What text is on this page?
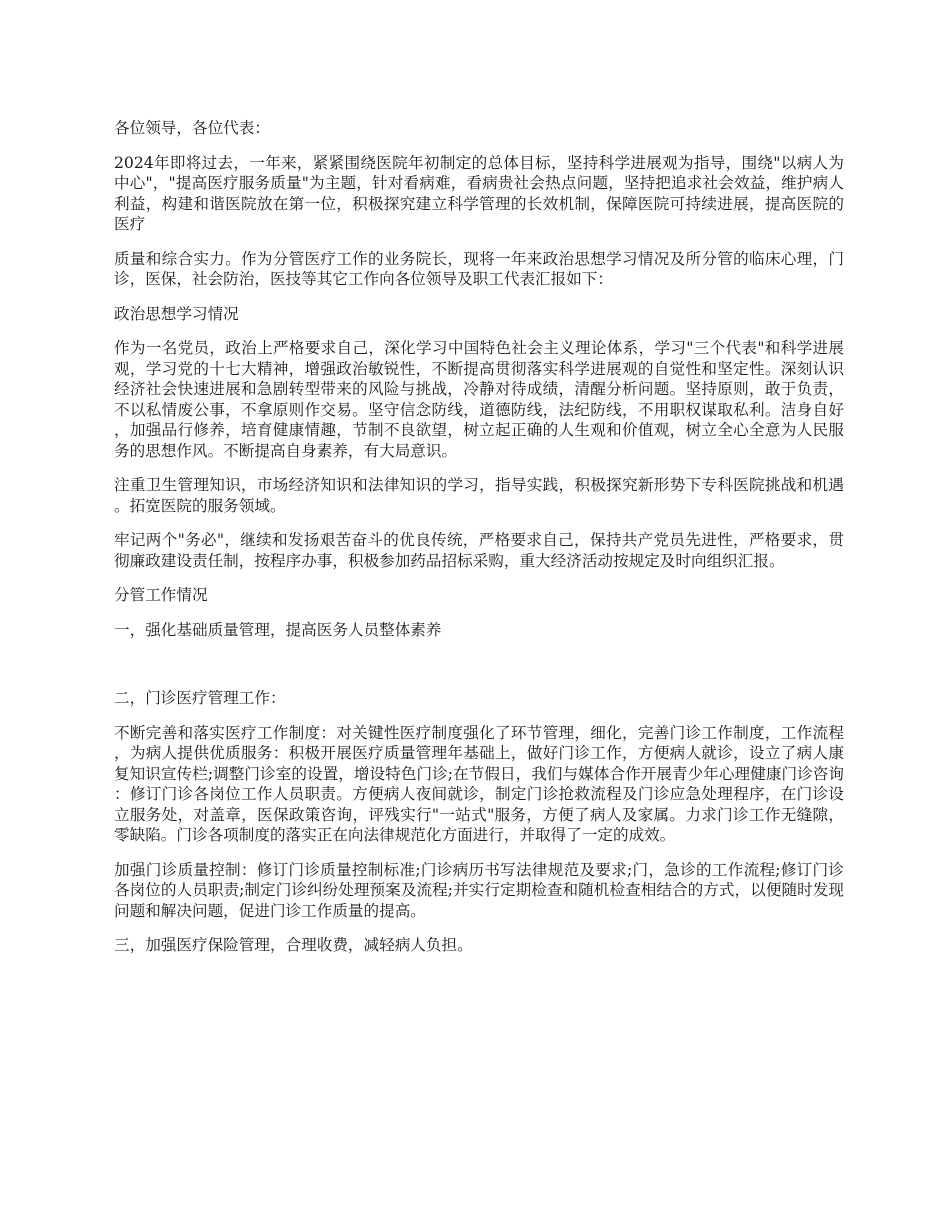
各位领导，各位代表：

2024年即将过去，一年来，紧紧围绕医院年初制定的总体目标，坚持科学进展观为指导，围绕"以病人为中心"，"提高医疗服务质量"为主题，针对看病难，看病贵社会热点问题，坚持把追求社会效益，维护病人利益，构建和谐医院放在第一位，积极探究建立科学管理的长效机制，保障医院可持续进展，提高医院的医疗

质量和综合实力。作为分管医疗工作的业务院长，现将一年来政治思想学习情况及所分管的临床心理，门诊，医保，社会防治，医技等其它工作向各位领导及职工代表汇报如下：

政治思想学习情况

作为一名党员，政治上严格要求自己，深化学习中国特色社会主义理论体系，学习"三个代表"和科学进展观，学习党的十七大精神，增强政治敏锐性，不断提高贯彻落实科学进展观的自觉性和坚定性。深刻认识经济社会快速进展和急剧转型带来的风险与挑战，冷静对待成绩，清醒分析问题。坚持原则，敢于负责，不以私情废公事，不拿原则作交易。坚守信念防线，道德防线，法纪防线，不用职权谋取私利。洁身自好，加强品行修养，培育健康情趣，节制不良欲望，树立起正确的人生观和价值观，树立全心全意为人民服务的思想作风。不断提高自身素养，有大局意识。

注重卫生管理知识，市场经济知识和法律知识的学习，指导实践，积极探究新形势下专科医院挑战和机遇。拓宽医院的服务领域。

牢记两个"务必"，继续和发扬艰苦奋斗的优良传统，严格要求自己，保持共产党员先进性，严格要求，贯彻廉政建设责任制，按程序办事，积极参加药品招标采购，重大经济活动按规定及时向组织汇报。

分管工作情况

一，强化基础质量管理，提高医务人员整体素养

二，门诊医疗管理工作：

不断完善和落实医疗工作制度：对关键性医疗制度强化了环节管理，细化，完善门诊工作制度，工作流程，为病人提供优质服务：积极开展医疗质量管理年基础上，做好门诊工作，方便病人就诊，设立了病人康复知识宣传栏;调整门诊室的设置，增设特色门诊;在节假日，我们与媒体合作开展青少年心理健康门诊咨询：修订门诊各岗位工作人员职责。方便病人夜间就诊，制定门诊抢救流程及门诊应急处理程序，在门诊设立服务处，对盖章，医保政策咨询，评残实行"一站式"服务，方便了病人及家属。力求门诊工作无缝隙，零缺陷。门诊各项制度的落实正在向法律规范化方面进行，并取得了一定的成效。

加强门诊质量控制：修订门诊质量控制标准;门诊病历书写法律规范及要求;门，急诊的工作流程;修订门诊各岗位的人员职责;制定门诊纠纷处理预案及流程;并实行定期检查和随机检查相结合的方式，以便随时发现问题和解决问题，促进门诊工作质量的提高。

三，加强医疗保险管理，合理收费，减轻病人负担。
